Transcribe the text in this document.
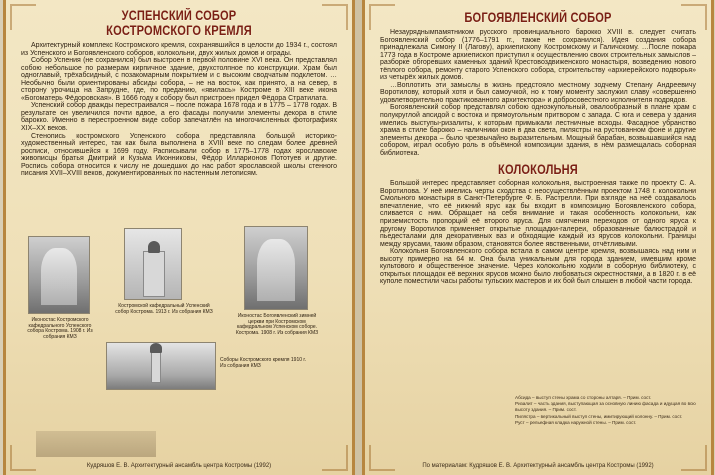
УСПЕНСКИЙ СОБОР
КОСТРОМСКОГО КРЕМЛЯ

Архитектурный комплекс Костромского кремля, сохранявшийся в целости до 1934 г., состоял из Успенского и Богоявленского соборов, колокольни, двух жилых домов и ограды.

Собор Успения (не сохранился) был выстроен в первой половине XVI века. Он представлял собою небольшое по размерам кирпичное здание, двухстолпное по конструкции. Храм был одноглавый, трёхабсидный, с позакомарным покрытием и с высоким сводчатым подклетом. …Необычно были ориентированы абсиды собора, – не на восток, как принято, а на север, в сторону урочища на Запрудне, где, по преданию, «явилась» Костроме в XIII веке икона «Богоматерь Фёдоровская». В 1666 году к собору был пристроен придел Фёдора Стратилата.

Успенский собор дважды перестраивался – после пожара 1678 года и в 1775 – 1778 годах. В результате он увеличился почти вдвое, а его фасады получили элементы декора в стиле барокко. Именно в перестроенном виде собор запечатлён на многочисленных фотографиях XIX–XX веков.

Стенопись костромского Успенского собора представляла большой историко-художественный интерес, так как была выполнена в XVIII веке по следам более древней росписи, относившейся к 1699 году. Расписывали собор в 1775–1778 годах ярославские живописцы братья Дмитрий и Кузьма Иконниковы, Фёдор Илларионов Пототуев и другие. Роспись собора относится к числу не дошедших до нас работ ярославской школы стенного писания XVII–XVIII веков, документированных по настенным летописям.

Иконостас Костромского кафедрального Успенского собора Кострома. 1908 г. Из собрания КМЗ
Костромской кафедральный Успенский собор Кострома. 1913 г. Из собрания КМЗ
Иконостас Богоявленский зимней церкви при Костромском кафедральном Успенском соборе. Кострома. 1908 г. Из собрания КМЗ
Соборы Костромского кремля 1910 г. Из собрания КМЗ
Кудряшов Е. В. Архитектурный ансамбль центра Костромы (1992)
БОГОЯВЛЕНСКИЙ СОБОР

Незауряднымпамятником русского провинциального барокко XVIII в. следует считать Богоявленский собор (1776–1791 гг., также не сохранился). Идея создания собора принадлежала Симону II (Лаговy), архиепископу Костромскому и Галичскому. …После пожара 1773 года в Костроме архиепископ приступил к осуществлению своих строительных замыслов – разборке обгоревших каменных зданий Крестовоздвиженского монастыря, возведению нового тёплого собора, ремонту старого Успенского собора, строительству «архиерейского подворья» из четырёх жилых домов.

…Воплотить эти замыслы в жизнь предстояло местному зодчему Степану Андреевичу Воротилову, который хотя и был самоучкой, но к тому моменту заслужил славу «совершенно удовлетворительно практикованного архитектора» и добросовестного исполнителя подрядов.

Богоявленский собор представлял собою одноэкупольный, овалообразный в плане храм с полукруглой апсидой с востока и прямоугольным притвором с запада. С юга и севера у здания имелись выступы-ризалиты, к которым примыкали лестничные всходы. Фасадное убранство храма в стиле барокко – наличники окон в два света, пилястры на рустованном фоне и другие элементы декора – было чрезвычайно выразительным. Мощный барабан, возвышавшийся над собором, играл особую роль в объёмной композиции здания, в нём размещалась соборная библиотека.

КОЛОКОЛЬНЯ

Большой интерес представляет соборная колокольня, выстроенная также по проекту С. А. Воротилова. У неё имелись черты сходства с неосуществлённым проектом 1748 г. колокольни Смольного монастыря в Санкт-Петербурге Ф. Б. Растрелли. При взгляде на неё создавалось впечатление, что её нижний ярус как бы входит в композицию Богоявленского собора, сливается с ним. Обращает на себя внимание и такая особенность колокольни, как приземистость пропорций её второго яруса. Для смягчения переходов от одного яруса к другому Воротилов применяет открытые площадки-галереи, образованные балюстрадой и пьедесталами для декоративных ваз и обходящие каждый из ярусов колокольни. Границы между ярусами, таким образом, становятся более явственными, отчётливыми.

Колокольня Богоявленского собора встала в самом центре кремля, возвышаясь над ним и высоту примерно на 64 м. Она была уникальным для города зданием, имевшим кроме культового и общественное значение. Через колокольню ходили в соборную библиотеку, с открытых площадок её верхних ярусов можно было любоваться окрестностями, а в 1820 г. в её куполе поместили часы работы тульских мастеров и их бой был слышен в любой части города.

Абсида – выступ стены храма со стороны алтаря. – Прим. сост.
Ризалит – часть здания, выступающая за основную линию фасада и идущая во всю высоту здания. – Прим. сост.
Пилястра – вертикальный выступ стены, имитирующий колонну. – Прим. сост.
Руст – рельефная кладка наружной стены. – Прим. сост.
По материалам: Кудряшов Е. В. Архитектурный ансамбль центра Костромы (1992)
